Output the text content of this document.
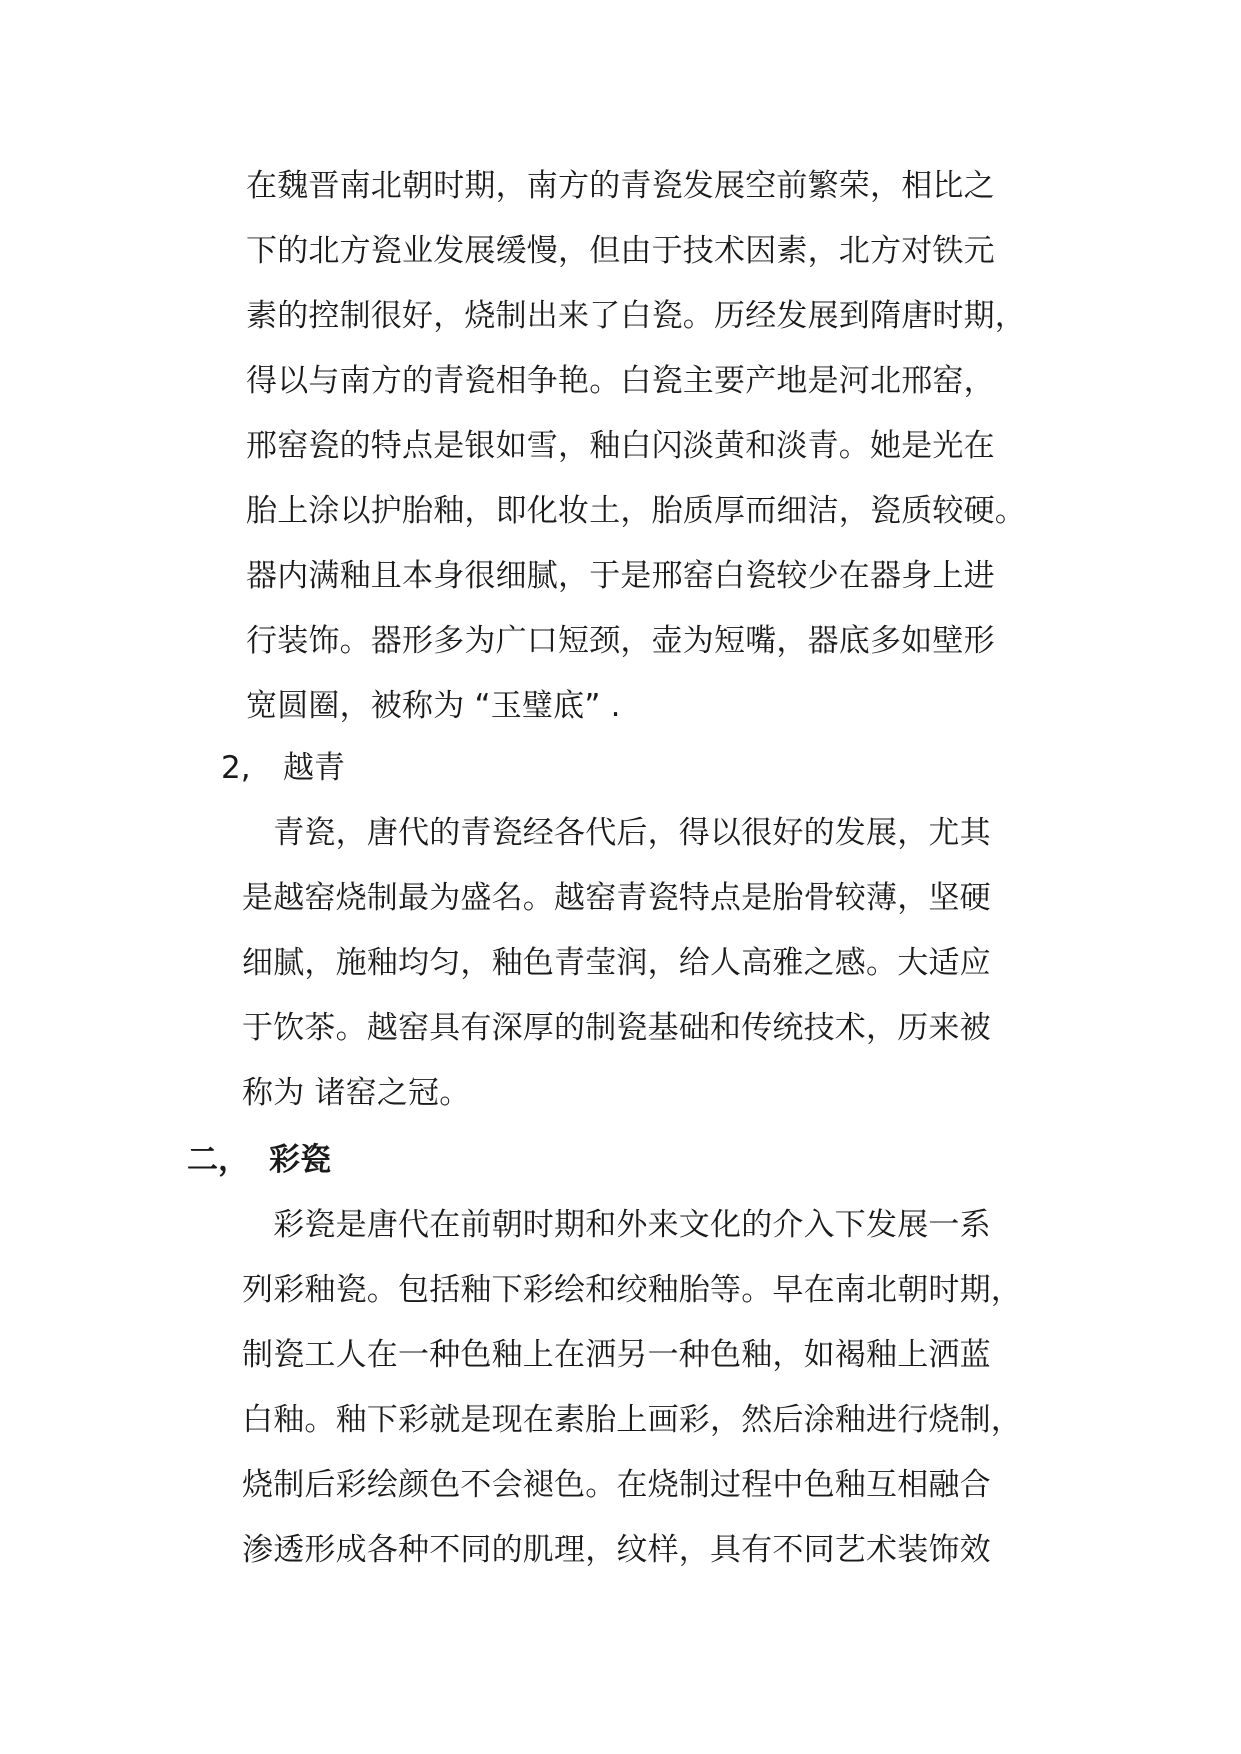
在魏晋南北朝时期，南方的青瓷发展空前繁荣，相比之
下的北方瓷业发展缓慢，但由于技术因素，北方对铁元
素的控制很好，烧制出来了白瓷。历经发展到隋唐时期，
得以与南方的青瓷相争艳。白瓷主要产地是河北邢窑，
邢窑瓷的特点是银如雪，釉白闪淡黄和淡青。她是光在
胎上涂以护胎釉，即化妆土，胎质厚而细洁，瓷质较硬。
器内满釉且本身很细腻，于是邢窑白瓷较少在器身上进
行装饰。器形多为广口短颈，壶为短嘴，器底多如壁形
宽圆圈，被称为 “玉璧底” .
2, 越青
　青瓷，唐代的青瓷经各代后，得以很好的发展，尤其
是越窑烧制最为盛名。越窑青瓷特点是胎骨较薄，坚硬
细腻，施釉均匀，釉色青莹润，给人高雅之感。大适应
于饮茶。越窑具有深厚的制瓷基础和传统技术，历来被
称为 诸窑之冠。
二， 彩瓷
　彩瓷是唐代在前朝时期和外来文化的介入下发展一系
列彩釉瓷。包括釉下彩绘和绞釉胎等。早在南北朝时期，
制瓷工人在一种色釉上在洒另一种色釉，如褐釉上洒蓝
白釉。釉下彩就是现在素胎上画彩，然后涂釉进行烧制，
烧制后彩绘颜色不会褪色。在烧制过程中色釉互相融合
渗透形成各种不同的肌理，纹样，具有不同艺术装饰效
